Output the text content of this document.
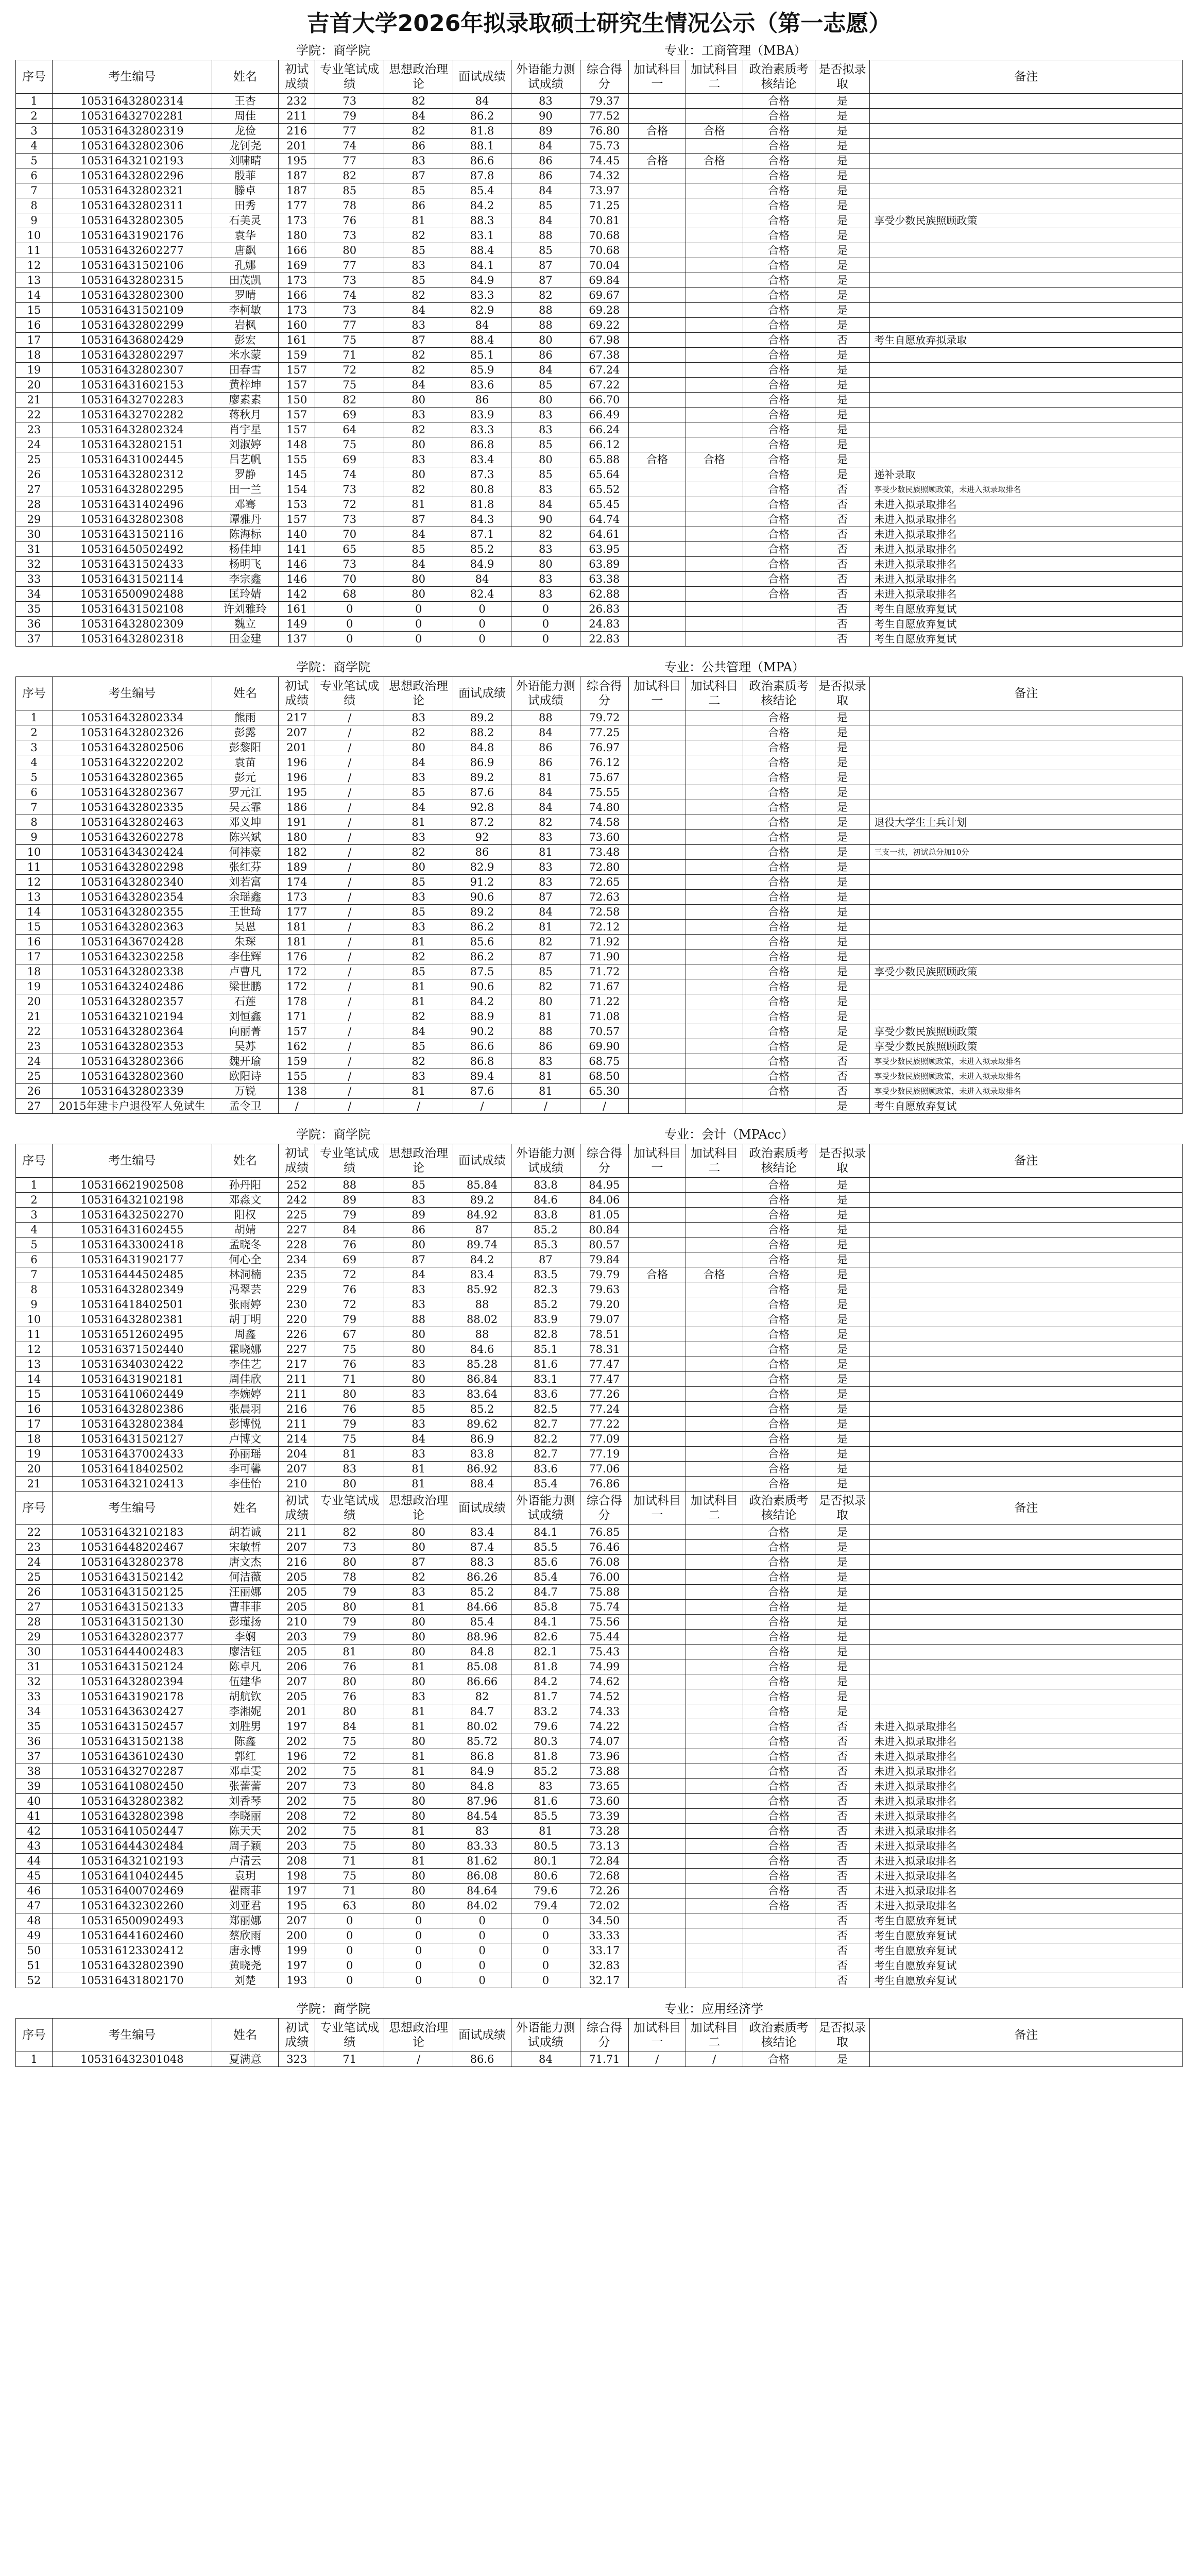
吉首大学2026年拟录取硕士研究生情况公示（第一志愿）
学院：商学院	专业：工商管理（MBA）
序号	考生编号	姓名	初试成绩	专业笔试成绩	思想政治理论	面试成绩	外语能力测试成绩	综合得分	加试科目一	加试科目二	政治素质考核结论	是否拟录取	备注
1	105316432802314	王杏	232	73	82	84	83	79.37			合格	是	
2	105316432702281	周佳	211	79	84	86.2	90	77.52			合格	是	
3	105316432802319	龙俭	216	77	82	81.8	89	76.80	合格	合格	合格	是	
4	105316432802306	龙钊尧	201	74	86	88.1	84	75.73			合格	是	
5	105316432102193	刘啸晴	195	77	83	86.6	86	74.45	合格	合格	合格	是	
6	105316432802296	殷菲	187	82	87	87.8	86	74.32			合格	是	
7	105316432802321	滕卓	187	85	85	85.4	84	73.97			合格	是	
8	105316432802311	田秀	177	78	86	84.2	85	71.25			合格	是	
9	105316432802305	石美灵	173	76	81	88.3	84	70.81			合格	是	享受少数民族照顾政策
10	105316431902176	袁华	180	73	82	83.1	88	70.68			合格	是	
11	105316432602277	唐飙	166	80	85	88.4	85	70.68			合格	是	
12	105316431502106	孔娜	169	77	83	84.1	87	70.04			合格	是	
13	105316432802315	田茂凯	173	73	85	84.9	87	69.84			合格	是	
14	105316432802300	罗晴	166	74	82	83.3	82	69.67			合格	是	
15	105316431502109	李柯敏	173	73	84	82.9	88	69.28			合格	是	
16	105316432802299	岩枫	160	77	83	84	88	69.22			合格	是	
17	105316436802429	彭宏	161	75	87	88.4	80	67.98			合格	否	考生自愿放弃拟录取
18	105316432802297	米水蒙	159	71	82	85.1	86	67.38			合格	是	
19	105316432802307	田春雪	157	72	82	85.9	84	67.24			合格	是	
20	105316431602153	黄梓坤	157	75	84	83.6	85	67.22			合格	是	
21	105316432702283	廖素素	150	82	80	86	80	66.70			合格	是	
22	105316432702282	蒋秋月	157	69	83	83.9	83	66.49			合格	是	
23	105316432802324	肖宇星	157	64	82	83.3	83	66.24			合格	是	
24	105316432802151	刘淑婷	148	75	80	86.8	85	66.12			合格	是	
25	105316431002445	吕艺帆	155	69	83	83.4	80	65.88	合格	合格	合格	是	
26	105316432802312	罗静	145	74	80	87.3	85	65.64			合格	是	递补录取
27	105316432802295	田一兰	154	73	82	80.8	83	65.52			合格	否	享受少数民族照顾政策，未进入拟录取排名
28	105316431402496	邓骞	153	72	81	81.8	84	65.45			合格	否	未进入拟录取排名
29	105316432802308	谭雅丹	157	73	87	84.3	90	64.74			合格	否	未进入拟录取排名
30	105316431502116	陈海标	140	70	84	87.1	82	64.61			合格	否	未进入拟录取排名
31	105316450502492	杨佳坤	141	65	85	85.2	83	63.95			合格	否	未进入拟录取排名
32	105316431502433	杨明飞	146	73	84	84.9	80	63.89			合格	否	未进入拟录取排名
33	105316431502114	李宗鑫	146	70	80	84	83	63.38			合格	否	未进入拟录取排名
34	105316500902488	匡玲婧	142	68	80	82.4	83	62.88			合格	否	未进入拟录取排名
35	105316431502108	许刘雅玲	161	0	0	0	0	26.83				否	考生自愿放弃复试
36	105316432802309	魏立	149	0	0	0	0	24.83				否	考生自愿放弃复试
37	105316432802318	田金建	137	0	0	0	0	22.83				否	考生自愿放弃复试
学院：商学院	专业：公共管理（MPA）
序号	考生编号	姓名	初试成绩	专业笔试成绩	思想政治理论	面试成绩	外语能力测试成绩	综合得分	加试科目一	加试科目二	政治素质考核结论	是否拟录取	备注
1	105316432802334	熊雨	217	/	83	89.2	88	79.72			合格	是	
2	105316432802326	彭露	207	/	82	88.2	84	77.25			合格	是	
3	105316432802506	彭黎阳	201	/	80	84.8	86	76.97			合格	是	
4	105316432202202	袁苗	196	/	84	86.9	86	76.12			合格	是	
5	105316432802365	彭元	196	/	83	89.2	81	75.67			合格	是	
6	105316432802367	罗元江	195	/	85	87.6	84	75.55			合格	是	
7	105316432802335	吴云霏	186	/	84	92.8	84	74.80			合格	是	
8	105316432802463	邓义坤	191	/	81	87.2	82	74.58			合格	是	退役大学生士兵计划
9	105316432602278	陈兴斌	180	/	83	92	83	73.60			合格	是	
10	105316434302424	何祎豪	182	/	82	86	81	73.48			合格	是	三支一扶，初试总分加10分
11	105316432802298	张红芬	189	/	80	82.9	83	72.80			合格	是	
12	105316432802340	刘若富	174	/	85	91.2	83	72.65			合格	是	
13	105316432802354	余瑶鑫	173	/	83	90.6	87	72.63			合格	是	
14	105316432802355	王世琦	177	/	85	89.2	84	72.58			合格	是	
15	105316432802363	吴恩	181	/	83	86.2	81	72.12			合格	是	
16	105316436702428	朱琛	181	/	81	85.6	82	71.92			合格	是	
17	105316432302258	李佳辉	176	/	82	86.2	87	71.90			合格	是	
18	105316432802338	卢曹凡	172	/	85	87.5	85	71.72			合格	是	享受少数民族照顾政策
19	105316432402486	梁世鹏	172	/	81	90.6	82	71.67			合格	是	
20	105316432802357	石莲	178	/	81	84.2	80	71.22			合格	是	
21	105316432102194	刘恒鑫	171	/	82	88.9	81	71.08			合格	是	
22	105316432802364	向丽菁	157	/	84	90.2	88	70.57			合格	是	享受少数民族照顾政策
23	105316432802353	吴苏	162	/	85	86.6	86	69.90			合格	是	享受少数民族照顾政策
24	105316432802366	魏开瑜	159	/	82	86.8	83	68.75			合格	否	享受少数民族照顾政策，未进入拟录取排名
25	105316432802360	欧阳诗	155	/	83	89.4	81	68.50			合格	否	享受少数民族照顾政策，未进入拟录取排名
26	105316432802339	万锐	138	/	81	87.6	81	65.30			合格	否	享受少数民族照顾政策，未进入拟录取排名
27	2015年建卡户退役军人免试生	孟令卫	/	/	/	/	/	/				是	考生自愿放弃复试
学院：商学院	专业：会计（MPAcc）
序号	考生编号	姓名	初试成绩	专业笔试成绩	思想政治理论	面试成绩	外语能力测试成绩	综合得分	加试科目一	加试科目二	政治素质考核结论	是否拟录取	备注
1	105316621902508	孙丹阳	252	88	85	85.84	83.8	84.95			合格	是	
2	105316432102198	邓淼文	242	89	83	89.2	84.6	84.06			合格	是	
3	105316432502270	阳权	225	79	89	84.92	83.8	81.05			合格	是	
4	105316431602455	胡婧	227	84	86	87	85.2	80.84			合格	是	
5	105316433002418	孟晓冬	228	76	80	89.74	85.3	80.57			合格	是	
6	105316431902177	何心全	234	69	87	84.2	87	79.84			合格	是	
7	105316444502485	林洞楠	235	72	84	83.4	83.5	79.79	合格	合格	合格	是	
8	105316432802349	冯翠芸	229	76	83	85.92	82.3	79.63			合格	是	
9	105316418402501	张雨婷	230	72	83	88	85.2	79.20			合格	是	
10	105316432802381	胡丁明	220	79	88	88.02	83.9	79.07			合格	是	
11	105316512602495	周鑫	226	67	80	88	82.8	78.51			合格	是	
12	105316371502440	霍晓娜	227	75	80	84.6	85.1	78.31			合格	是	
13	105316340302422	李佳艺	217	76	83	85.28	81.6	77.47			合格	是	
14	105316431902181	周佳欣	211	71	80	86.84	83.1	77.47			合格	是	
15	105316410602449	李婉婷	211	80	83	83.64	83.6	77.26			合格	是	
16	105316432802386	张晨羽	216	76	85	85.2	82.5	77.24			合格	是	
17	105316432802384	彭博悦	211	79	83	89.62	82.7	77.22			合格	是	
18	105316431502127	卢博文	214	75	84	86.9	82.2	77.09			合格	是	
19	105316437002433	孙丽瑶	204	81	83	83.8	82.7	77.19			合格	是	
20	105316418402502	李可馨	207	83	81	86.92	83.6	77.06			合格	是	
21	105316432102413	李佳怡	210	80	81	88.4	85.4	76.86			合格	是	
序号	考生编号	姓名	初试成绩	专业笔试成绩	思想政治理论	面试成绩	外语能力测试成绩	综合得分	加试科目一	加试科目二	政治素质考核结论	是否拟录取	备注
22	105316432102183	胡若诚	211	82	80	83.4	84.1	76.85			合格	是	
23	105316448202467	宋敏哲	207	73	80	87.4	85.5	76.46			合格	是	
24	105316432802378	唐文杰	216	80	87	88.3	85.6	76.08			合格	是	
25	105316431502142	何洁薇	205	78	82	86.26	85.4	76.00			合格	是	
26	105316431502125	汪丽娜	205	79	83	85.2	84.7	75.88			合格	是	
27	105316431502133	曹菲菲	205	80	81	84.66	85.8	75.74			合格	是	
28	105316431502130	彭瑾扬	210	79	80	85.4	84.1	75.56			合格	是	
29	105316432802377	李娴	203	79	80	88.96	82.6	75.44			合格	是	
30	105316444002483	廖洁钰	205	81	80	84.8	82.1	75.43			合格	是	
31	105316431502124	陈卓凡	206	76	81	85.08	81.8	74.99			合格	是	
32	105316432802394	伍建华	207	80	80	86.66	84.2	74.62			合格	是	
33	105316431902178	胡航钦	205	76	83	82	81.7	74.52			合格	是	
34	105316436302427	李湘妮	201	80	81	84.7	83.2	74.33			合格	是	
35	105316431502457	刘胜男	197	84	81	80.02	79.6	74.22			合格	否	未进入拟录取排名
36	105316431502138	陈鑫	202	75	80	85.72	80.3	74.07			合格	否	未进入拟录取排名
37	105316436102430	郭红	196	72	81	86.8	81.8	73.96			合格	否	未进入拟录取排名
38	105316432702287	邓卓雯	202	75	81	84.9	85.2	73.88			合格	否	未进入拟录取排名
39	105316410802450	张蕾蕾	207	73	80	84.8	83	73.65			合格	否	未进入拟录取排名
40	105316432802382	刘香琴	202	75	80	87.96	81.6	73.60			合格	否	未进入拟录取排名
41	105316432802398	李晓丽	208	72	80	84.54	85.5	73.39			合格	否	未进入拟录取排名
42	105316410502447	陈天天	202	75	81	83	81	73.28			合格	否	未进入拟录取排名
43	105316444302484	周子颖	203	75	80	83.33	80.5	73.13			合格	否	未进入拟录取排名
44	105316432102193	卢清云	208	71	81	81.62	80.1	72.84			合格	否	未进入拟录取排名
45	105316410402445	袁玥	198	75	80	86.08	80.6	72.68			合格	否	未进入拟录取排名
46	105316400702469	瞿雨菲	197	71	80	84.64	79.6	72.26			合格	否	未进入拟录取排名
47	105316432302260	刘亚君	195	63	80	84.02	79.4	72.02			合格	否	未进入拟录取排名
48	105316500902493	郑丽娜	207	0	0	0	0	34.50				否	考生自愿放弃复试
49	105316441602460	蔡欣雨	200	0	0	0	0	33.33				否	考生自愿放弃复试
50	105316123302412	唐永博	199	0	0	0	0	33.17				否	考生自愿放弃复试
51	105316432802390	黄晓尧	197	0	0	0	0	32.83				否	考生自愿放弃复试
52	105316431802170	刘楚	193	0	0	0	0	32.17				否	考生自愿放弃复试
学院：商学院	专业：应用经济学
序号	考生编号	姓名	初试成绩	专业笔试成绩	思想政治理论	面试成绩	外语能力测试成绩	综合得分	加试科目一	加试科目二	政治素质考核结论	是否拟录取	备注
1	105316432301048	夏满意	323	71	/	86.6	84	71.71	/	/	合格	是	
